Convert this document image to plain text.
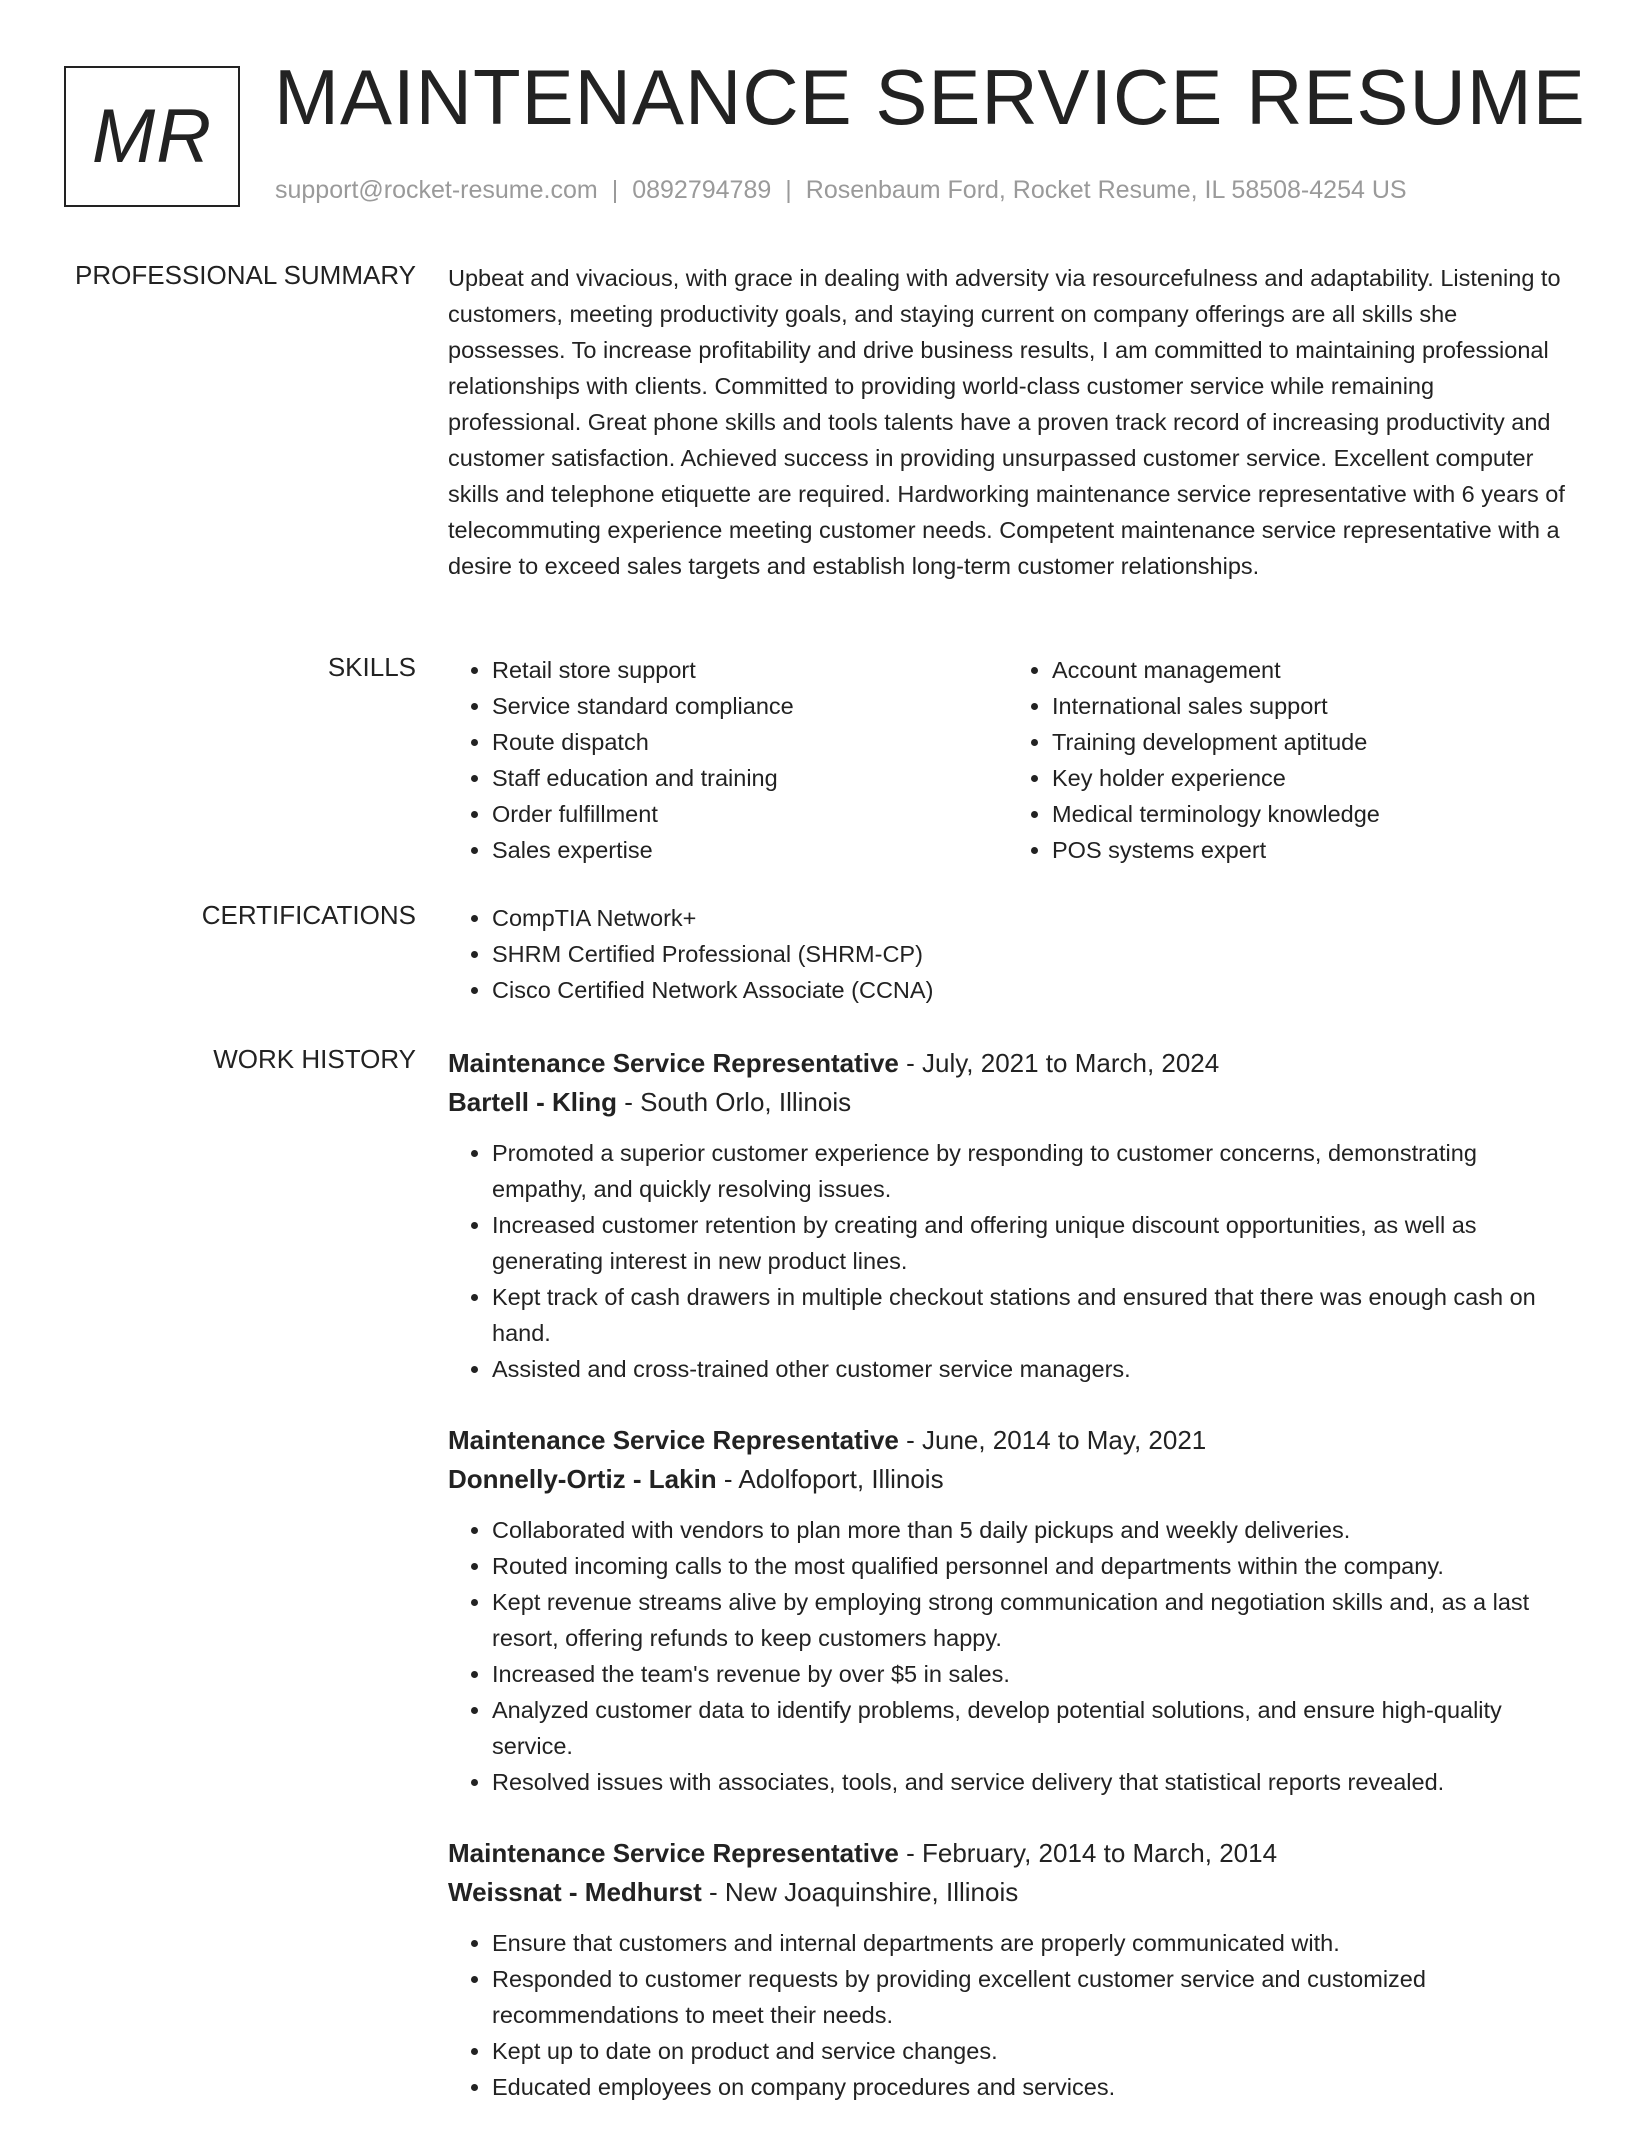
MR MAINTENANCE SERVICE RESUME
support@rocket-resume.com | 0892794789 | Rosenbaum Ford, Rocket Resume, IL 58508-4254 US
PROFESSIONAL SUMMARY Upbeat and vivacious, with grace in dealing with adversity via resourcefulness and adaptability. Listening to customers, meeting productivity goals, and staying current on company offerings are all skills she possesses. To increase profitability and drive business results, I am committed to maintaining professional relationships with clients. Committed to providing world-class customer service while remaining professional. Great phone skills and tools talents have a proven track record of increasing productivity and customer satisfaction. Achieved success in providing unsurpassed customer service. Excellent computer skills and telephone etiquette are required. Hardworking maintenance service representative with 6 years of telecommuting experience meeting customer needs. Competent maintenance service representative with a desire to exceed sales targets and establish long-term customer relationships.
SKILLS	• Retail store support
• Service standard compliance
• Route dispatch
• Staff education and training
• Order fulfillment
• Sales expertise
• Account management
• International sales support
• Training development aptitude
• Key holder experience
• Medical terminology knowledge
• POS systems expert
CERTIFICATIONS	• CompTIA Network+
• SHRM Certified Professional (SHRM-CP)
• Cisco Certified Network Associate (CCNA)
WORK HISTORY Maintenance Service Representative - July, 2021 to March, 2024
Bartell - Kling - South Orlo, Illinois
• Promoted a superior customer experience by responding to customer concerns, demonstrating empathy, and quickly resolving issues.
• Increased customer retention by creating and offering unique discount opportunities, as well as generating interest in new product lines.
• Kept track of cash drawers in multiple checkout stations and ensured that there was enough cash on hand.
• Assisted and cross-trained other customer service managers.
Maintenance Service Representative - June, 2014 to May, 2021
Donnelly-Ortiz - Lakin - Adolfoport, Illinois
• Collaborated with vendors to plan more than 5 daily pickups and weekly deliveries.
• Routed incoming calls to the most qualified personnel and departments within the company.
• Kept revenue streams alive by employing strong communication and negotiation skills and, as a last resort, offering refunds to keep customers happy.
• Increased the team's revenue by over $5 in sales.
• Analyzed customer data to identify problems, develop potential solutions, and ensure high-quality service.
• Resolved issues with associates, tools, and service delivery that statistical reports revealed.
Maintenance Service Representative - February, 2014 to March, 2014
Weissnat - Medhurst - New Joaquinshire, Illinois
• Ensure that customers and internal departments are properly communicated with.
• Responded to customer requests by providing excellent customer service and customized recommendations to meet their needs.
• Kept up to date on product and service changes.
• Educated employees on company procedures and services.
